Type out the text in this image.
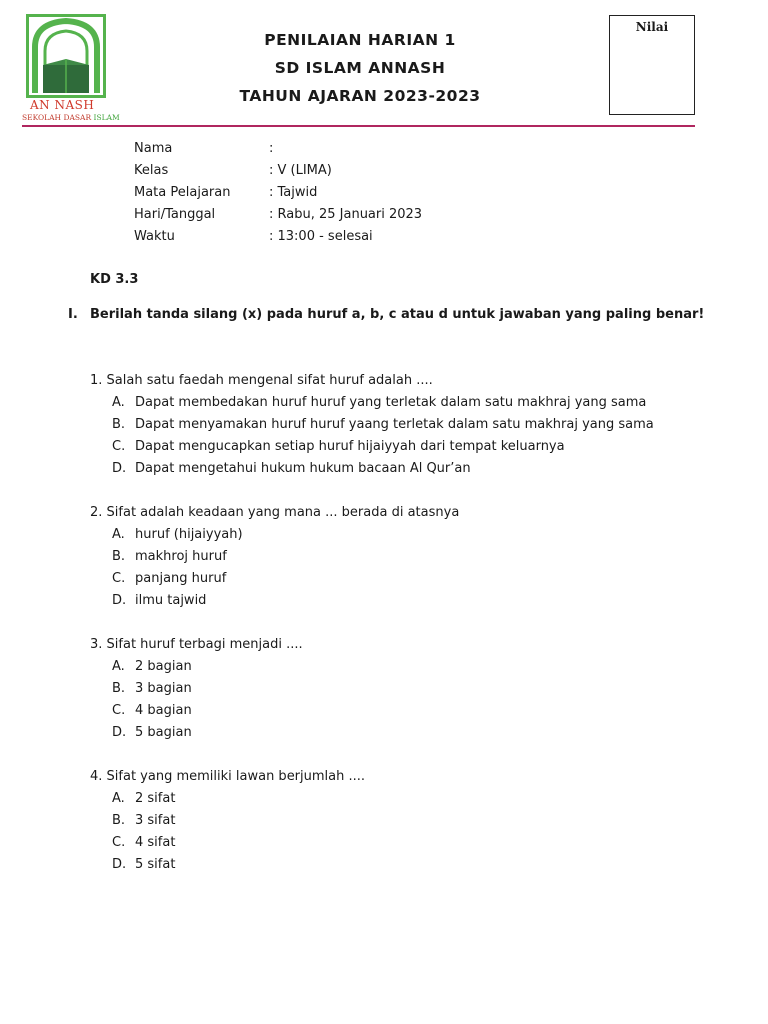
AN NASH
SEKOLAH DASAR ISLAM
PENILAIAN HARIAN 1
SD ISLAM ANNASH
TAHUN AJARAN 2023-2023
Nilai
Nama	:
Kelas	: V (LIMA)
Mata Pelajaran	: Tajwid
Hari/Tanggal	: Rabu, 25 Januari 2023
Waktu	: 13:00 - selesai
KD 3.3
I. Berilah tanda silang (x) pada huruf a, b, c atau d untuk jawaban yang paling benar!
1. Salah satu faedah mengenal sifat huruf adalah ....
A. Dapat membedakan huruf huruf yang terletak dalam satu makhraj yang sama
B. Dapat menyamakan huruf huruf yaang terletak dalam satu makhraj yang sama
C. Dapat mengucapkan setiap huruf hijaiyyah dari tempat keluarnya
D. Dapat mengetahui hukum hukum bacaan Al Qur’an
2. Sifat adalah keadaan yang mana ... berada di atasnya
A. huruf (hijaiyyah)
B. makhroj huruf
C. panjang huruf
D. ilmu tajwid
3. Sifat huruf terbagi menjadi ....
A. 2 bagian
B. 3 bagian
C. 4 bagian
D. 5 bagian
4. Sifat yang memiliki lawan berjumlah ....
A. 2 sifat
B. 3 sifat
C. 4 sifat
D. 5 sifat
